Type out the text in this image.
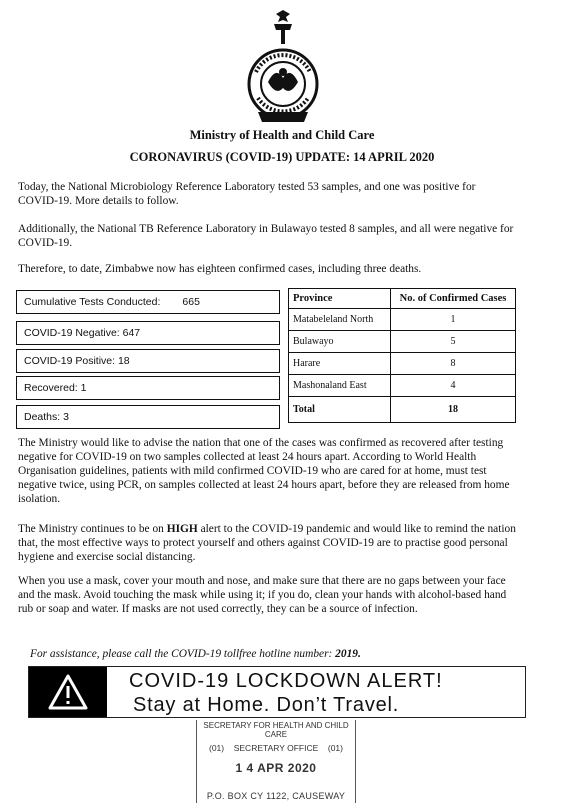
Ministry of Health and Child Care
CORONAVIRUS (COVID-19) UPDATE: 14 APRIL 2020

Today, the National Microbiology Reference Laboratory tested 53 samples, and one was positive for COVID-19. More details to follow.

Additionally, the National TB Reference Laboratory in Bulawayo tested 8 samples, and all were negative for COVID-19.

Therefore, to date, Zimbabwe now has eighteen confirmed cases, including three deaths.

Cumulative Tests Conducted: 665
COVID-19 Negative: 647
COVID-19 Positive: 18
Recovered: 1
Deaths: 3
Province	No. of Confirmed Cases
Matabeleland North	1
Bulawayo	5
Harare	8
Mashonaland East	4
Total	18

The Ministry would like to advise the nation that one of the cases was confirmed as recovered after testing negative for COVID-19 on two samples collected at least 24 hours apart. According to World Health Organisation guidelines, patients with mild confirmed COVID-19 who are cared for at home, must test negative twice, using PCR, on samples collected at least 24 hours apart, before they are released from home isolation.

The Ministry continues to be on HIGH alert to the COVID-19 pandemic and would like to remind the nation that, the most effective ways to protect yourself and others against COVID-19 are to practise good personal hygiene and exercise social distancing.

When you use a mask, cover your mouth and nose, and make sure that there are no gaps between your face and the mask. Avoid touching the mask while using it; if you do, clean your hands with alcohol-based hand rub or soap and water. If masks are not used correctly, they can be a source of infection.

For assistance, please call the COVID-19 tollfree hotline number: 2019.
COVID-19 LOCKDOWN ALERT!
Stay at Home. Don’t Travel.
SECRETARY FOR HEALTH AND CHILD CARE
(01) SECRETARY OFFICE (01)
1 4 APR 2020
P.O. BOX CY 1122, CAUSEWAY
